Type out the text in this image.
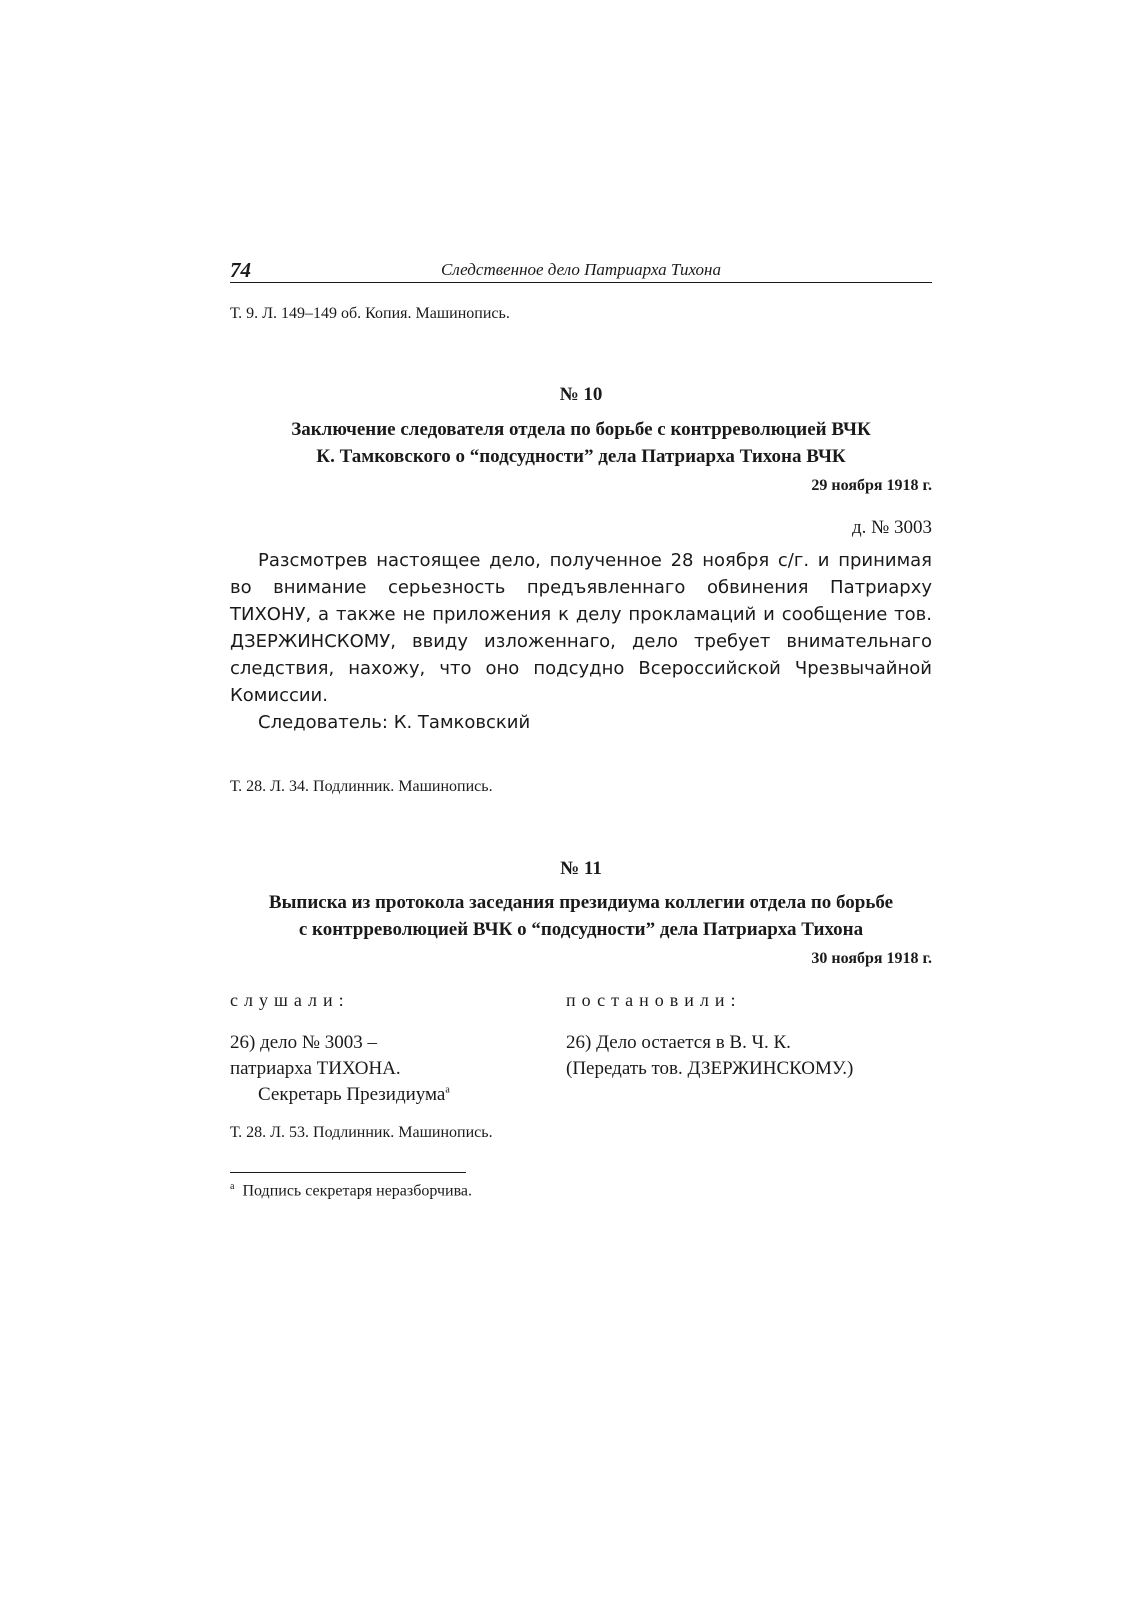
74	Следственное дело Патриарха Тихона
Т. 9. Л. 149–149 об. Копия. Машинопись.
№ 10
Заключение следователя отдела по борьбе с контрреволюцией ВЧК
К. Тамковского о “подсудности” дела Патриарха Тихона ВЧК
29 ноября 1918 г.
д. № 3003

Разсмотрев настоящее дело, полученное 28 ноября с/г. и принимая во внимание серьезность предъявленнаго обвинения Патриарху ТИХОНУ, а также не приложения к делу прокламаций и сообщение тов. ДЗЕРЖИНСКОМУ, ввиду изложеннаго, дело требует внимательнаго следствия, нахожу, что оно подсудно Всероссийской Чрезвычайной Комиссии.

Следователь: К. Тамковский
Т. 28. Л. 34. Подлинник. Машинопись.
№ 11
Выписка из протокола заседания президиума коллегии отдела по борьбе
с контрреволюцией ВЧК о “подсудности” дела Патриарха Тихона
30 ноября 1918 г.
слушали:
26) дело № 3003 –
патриарха ТИХОНА.
Секретарь Президиума$^а$
постановили:
26) Дело остается в В. Ч. К.
(Передать тов. ДЗЕРЖИНСКОМУ.)
Т. 28. Л. 53. Подлинник. Машинопись.
$^а$ Подпись секретаря неразборчива.
